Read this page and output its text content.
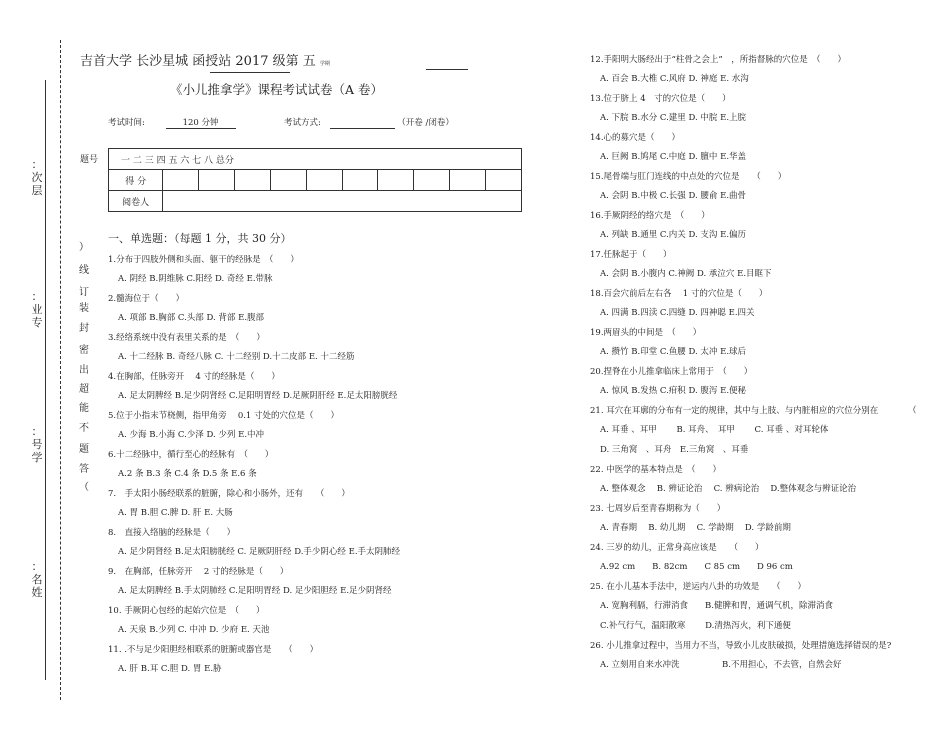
）
线
订
装
封
密
出
超
能
不
题
答
（
：次层
：业专
：号学
：名姓
吉首大学 长沙星城 函授站 2017 级第 五 学期
《小儿推拿学》课程考试试卷（A 卷）
考试时间:	120 分钟	考试方式:	（开卷 /闭卷）
题号	一 二 三 四 五 六 七 八 总分										
得 分										
阅卷人										
一、单选题：（每题 1 分，共 30 分）
1.分布于四肢外侧和头面、躯干的经脉是　（　　）
A. 阴经 B.阴维脉 C.阳经 D. 奇经 E.带脉
2.髓海位于（　　）
A. 项部 B.胸部 C.头部 D. 背部 E.腹部
3.经络系统中没有表里关系的是　（　　）
A. 十二经脉 B. 奇经八脉 C. 十二经别 D.十二皮部 E. 十二经筋
4.在胸部，任脉旁开　 4 寸的经脉是（　　）
A. 足太阴脾经 B.足少阴肾经 C.足阳明胃经 D.足厥阴肝经 E.足太阳膀胱经
5.位于小指末节桡侧，指甲角旁　 0.1 寸处的穴位是（　　）
A. 少海 B.小海 C.少泽 D. 少列 E.中冲
6.十二经脉中，循行至心的经脉有　（　　）
A.2 条 B.3 条 C.4 条 D.5 条 E.6 条
7.　手太阳小肠经联系的脏腑，除心和小肠外，还有　　（　　）
A. 胃 B.胆 C.脾 D. 肝 E. 大肠
8.　直接入络脑的经脉是（　　）
A. 足少阴肾经 B.足太阳膀胱经 C. 足厥阴肝经 D.手少阴心经 E.手太阴肺经
9.　在胸部，任脉旁开　 2 寸的经脉是（　　）
A. 足太阴脾经 B.手太阴肺经 C.足阳明胃经 D. 足少阳胆经 E.足少阴肾经
10. 手厥阴心包经的起始穴位是　（　　）
A. 天泉 B.少列 C. 中冲 D. 少府 E. 天池
11. .不与足少阳胆经相联系的脏腑或器官是　　（　　）
A. 肝 B.耳 C.胆 D. 胃 E.胁
12.手阳明大肠经出于“柱骨之会上”　，所指督脉的穴位是　（　　）
A. 百会 B.大椎 C.风府 D. 神庭 E. 水沟
13.位于脐上 4　寸的穴位是（　　）
A. 下脘 B.水分 C.建里 D. 中脘 E.上脘
14.心的募穴是（　　）
A. 巨阙 B.鸠尾 C.中庭 D. 膻中 E.华盖
15.尾骨端与肛门连线的中点处的穴位是　　（　　）
A. 会阴 B.中极 C.长强 D. 腰俞 E.曲骨
16.手厥阴经的络穴是　（　　）
A. 列缺 B.通里 C.内关 D. 支沟 E.偏历
17.任脉起于（　　）
A. 会阴 B.小腹内 C.神阙 D. 承泣穴 E.目眶下
18.百会穴前后左右各　 1 寸的穴位是（　　）
A. 四满 B.四渎 C.四缝 D. 四神聪 E.四关
19.两眉头的中间是　（　　）
A. 攒竹 B.印堂 C.鱼腰 D. 太冲 E.球后
20.捏脊在小儿推拿临床上常用于　（　　）
A. 惊风 B.发热 C.疳积 D. 腹泻 E.便秘
21. 耳穴在耳廓的分布有一定的规律，其中与上肢、与内脏相应的穴位分别在　　　　（
A. 耳垂 、耳甲　　 B. 耳舟、　耳甲　　 C. 耳垂 、对耳轮体
D. 三角窝　、耳舟　E.三角窝　、耳垂
22. 中医学的基本特点是　（　　）
A. 整体观念　 B. 辨证论治　 C. 辨病论治　 D.整体观念与辨证论治
23. 七周岁后至青春期称为（　　）
A. 青春期　 B. 幼儿期　 C. 学龄期　 D. 学龄前期
24. 三岁的幼儿，正常身高应该是　　（　　）
A.92 cm　　B. 82cm　　C 85 cm　　D 96 cm
25. 在小儿基本手法中，逆运内八卦的功效是　　（　　）
A. 宽胸利膈，行滞消食　　B.健脾和胃，通调气机，除滞消食
C.补气行气，温阳散寒　　 D.清热泻火，利下通便
26. 小儿推拿过程中，当用力不当，导致小儿皮肤破损，处理措施选择错误的是?
A. 立刻用自来水冲洗　　　　　B.不用担心，不去管，自然会好
